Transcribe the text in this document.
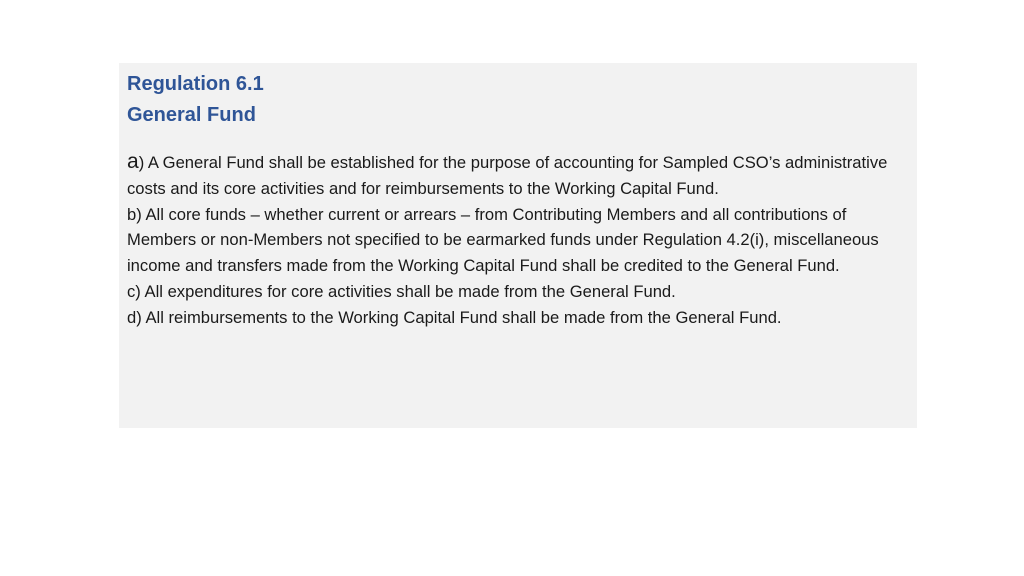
Regulation 6.1
General Fund

a) A General Fund shall be established for the purpose of accounting for Sampled CSO’s administrative costs and its core activities and for reimbursements to the Working Capital Fund.

b) All core funds – whether current or arrears – from Contributing Members and all contributions of Members or non-Members not specified to be earmarked funds under Regulation 4.2(i), miscellaneous income and transfers made from the Working Capital Fund shall be credited to the General Fund.

c) All expenditures for core activities shall be made from the General Fund.

d) All reimbursements to the Working Capital Fund shall be made from the General Fund.
